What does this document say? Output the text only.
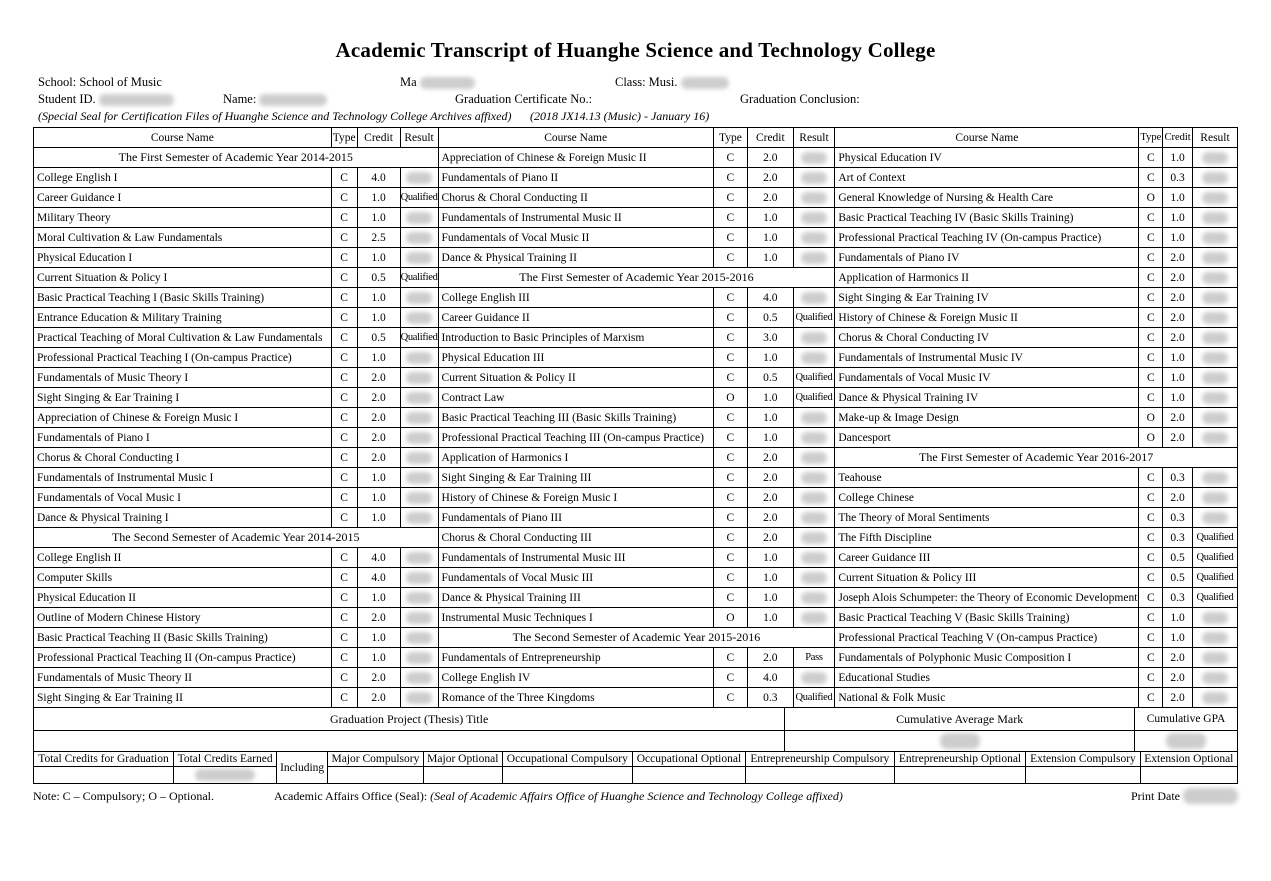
Academic Transcript of Huanghe Science and Technology College
School: School of Music	Ma	Class: Musi.
Student ID.	Name:	Graduation Certificate No.:	Graduation Conclusion:
(Special Seal for Certification Files of Huanghe Science and Technology College Archives affixed) (2018 JX14.13 (Music) - January 16)
Course Name	Type	Credit	Result
The First Semester of Academic Year 2014-2015			
College English I	C	4.0	
Career Guidance I	C	1.0	Qualified
Military Theory	C	1.0	
Moral Cultivation & Law Fundamentals	C	2.5	
Physical Education I	C	1.0	
Current Situation & Policy I	C	0.5	Qualified
Basic Practical Teaching I (Basic Skills Training)	C	1.0	
Entrance Education & Military Training	C	1.0	
Practical Teaching of Moral Cultivation & Law Fundamentals	C	0.5	Qualified
Professional Practical Teaching I (On-campus Practice)	C	1.0	
Fundamentals of Music Theory I	C	2.0	
Sight Singing & Ear Training I	C	2.0	
Appreciation of Chinese & Foreign Music I	C	2.0	
Fundamentals of Piano I	C	2.0	
Chorus & Choral Conducting I	C	2.0	
Fundamentals of Instrumental Music I	C	1.0	
Fundamentals of Vocal Music I	C	1.0	
Dance & Physical Training I	C	1.0	
The Second Semester of Academic Year 2014-2015			
College English II	C	4.0	
Computer Skills	C	4.0	
Physical Education II	C	1.0	
Outline of Modern Chinese History	C	2.0	
Basic Practical Teaching II (Basic Skills Training)	C	1.0	
Professional Practical Teaching II (On-campus Practice)	C	1.0	
Fundamentals of Music Theory II	C	2.0	
Sight Singing & Ear Training II	C	2.0	
Course Name	Type	Credit	Result
Appreciation of Chinese & Foreign Music II	C	2.0	
Fundamentals of Piano II	C	2.0	
Chorus & Choral Conducting II	C	2.0	
Fundamentals of Instrumental Music II	C	1.0	
Fundamentals of Vocal Music II	C	1.0	
Dance & Physical Training II	C	1.0	
The First Semester of Academic Year 2015-2016			
College English III	C	4.0	
Career Guidance II	C	0.5	Qualified
Introduction to Basic Principles of Marxism	C	3.0	
Physical Education III	C	1.0	
Current Situation & Policy II	C	0.5	Qualified
Contract Law	O	1.0	Qualified
Basic Practical Teaching III (Basic Skills Training)	C	1.0	
Professional Practical Teaching III (On-campus Practice)	C	1.0	
Application of Harmonics I	C	2.0	
Sight Singing & Ear Training III	C	2.0	
History of Chinese & Foreign Music I	C	2.0	
Fundamentals of Piano III	C	2.0	
Chorus & Choral Conducting III	C	2.0	
Fundamentals of Instrumental Music III	C	1.0	
Fundamentals of Vocal Music III	C	1.0	
Dance & Physical Training III	C	1.0	
Instrumental Music Techniques I	O	1.0	
The Second Semester of Academic Year 2015-2016			
Fundamentals of Entrepreneurship	C	2.0	Pass
College English IV	C	4.0	
Romance of the Three Kingdoms	C	0.3	Qualified
Course Name	Type	Credit	Result
Physical Education IV	C	1.0	
Art of Context	C	0.3	
General Knowledge of Nursing & Health Care	O	1.0	
Basic Practical Teaching IV (Basic Skills Training)	C	1.0	
Professional Practical Teaching IV (On-campus Practice)	C	1.0	
Fundamentals of Piano IV	C	2.0	
Application of Harmonics II	C	2.0	
Sight Singing & Ear Training IV	C	2.0	
History of Chinese & Foreign Music II	C	2.0	
Chorus & Choral Conducting IV	C	2.0	
Fundamentals of Instrumental Music IV	C	1.0	
Fundamentals of Vocal Music IV	C	1.0	
Dance & Physical Training IV	C	1.0	
Make-up & Image Design	O	2.0	
Dancesport	O	2.0	
The First Semester of Academic Year 2016-2017			
Teahouse	C	0.3	
College Chinese	C	2.0	
The Theory of Moral Sentiments	C	0.3	
The Fifth Discipline	C	0.3	Qualified
Career Guidance III	C	0.5	Qualified
Current Situation & Policy III	C	0.5	Qualified
Joseph Alois Schumpeter: the Theory of Economic Development	C	0.3	Qualified
Basic Practical Teaching V (Basic Skills Training)	C	1.0	
Professional Practical Teaching V (On-campus Practice)	C	1.0	
Fundamentals of Polyphonic Music Composition I	C	2.0	
Educational Studies	C	2.0	
National & Folk Music	C	2.0	
Graduation Project (Thesis) Title	Cumulative Average Mark	Cumulative GPA

Total Credits for Graduation	Total Credits Earned	Including	Major Compulsory	Major Optional	Occupational Compulsory	Occupational Optional	Entrepreneurship Compulsory	Entrepreneurship Optional	Extension Compulsory	Extension Optional

Note: C – Compulsory; O – Optional.	Academic Affairs Office (Seal): (Seal of Academic Affairs Office of Huanghe Science and Technology College affixed)	Print Date
